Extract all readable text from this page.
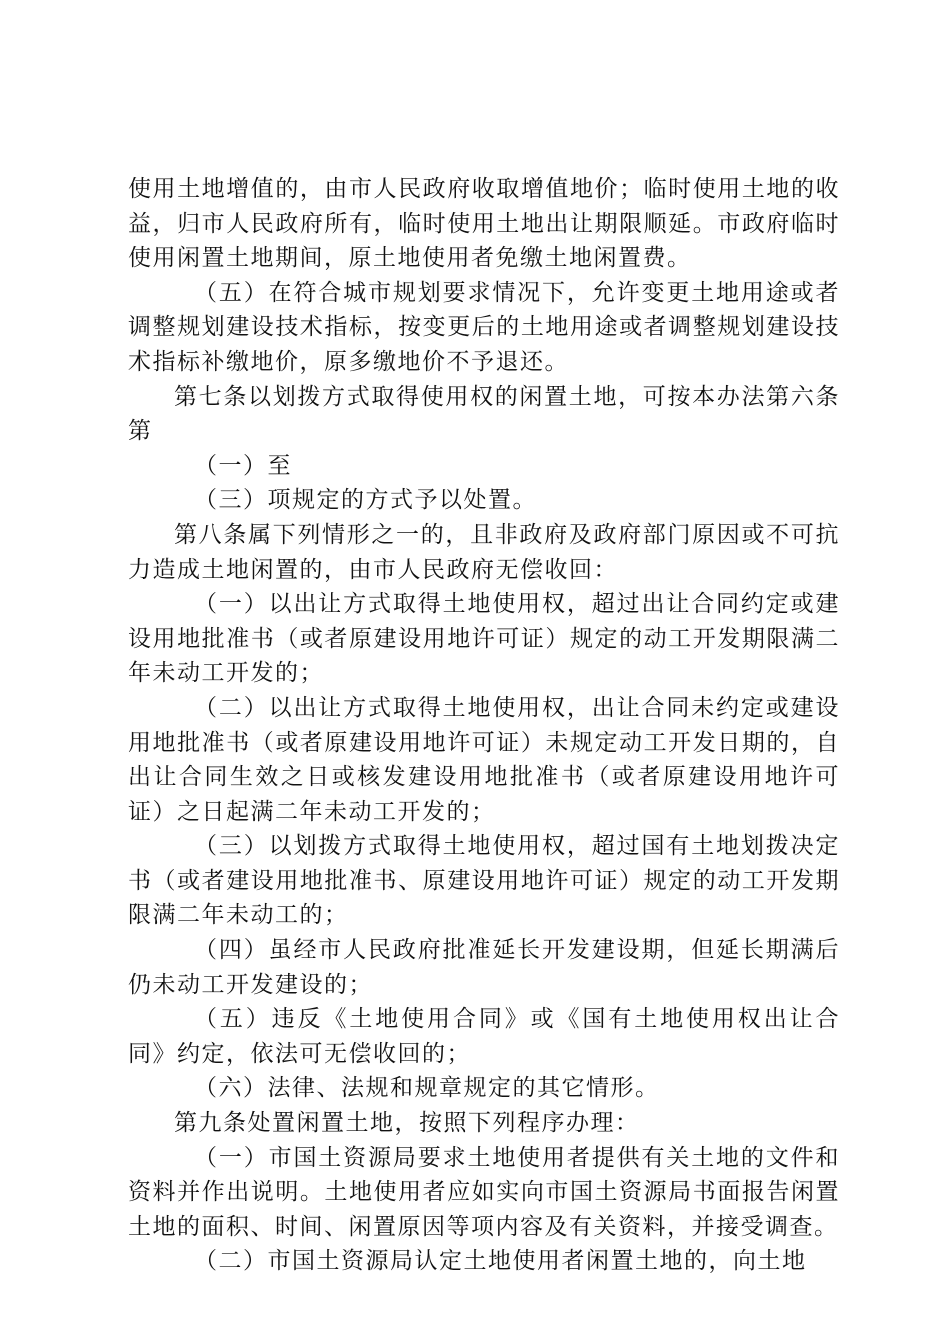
使用土地增值的，由市人民政府收取增值地价；临时使用土地的收益，归市人民政府所有，临时使用土地出让期限顺延。市政府临时使用闲置土地期间，原土地使用者免缴土地闲置费。

（五）在符合城市规划要求情况下，允许变更土地用途或者调整规划建设技术指标，按变更后的土地用途或者调整规划建设技术指标补缴地价，原多缴地价不予退还。

第七条以划拨方式取得使用权的闲置土地，可按本办法第六条第

（一）至

（三）项规定的方式予以处置。

第八条属下列情形之一的，且非政府及政府部门原因或不可抗力造成土地闲置的，由市人民政府无偿收回：

（一）以出让方式取得土地使用权，超过出让合同约定或建设用地批准书（或者原建设用地许可证）规定的动工开发期限满二年未动工开发的；

（二）以出让方式取得土地使用权，出让合同未约定或建设用地批准书（或者原建设用地许可证）未规定动工开发日期的，自出让合同生效之日或核发建设用地批准书（或者原建设用地许可证）之日起满二年未动工开发的；

（三）以划拨方式取得土地使用权，超过国有土地划拨决定书（或者建设用地批准书、原建设用地许可证）规定的动工开发期限满二年未动工的；

（四）虽经市人民政府批准延长开发建设期，但延长期满后仍未动工开发建设的；

（五）违反《土地使用合同》或《国有土地使用权出让合同》约定，依法可无偿收回的；

（六）法律、法规和规章规定的其它情形。

第九条处置闲置土地，按照下列程序办理：

（一）市国土资源局要求土地使用者提供有关土地的文件和资料并作出说明。土地使用者应如实向市国土资源局书面报告闲置土地的面积、时间、闲置原因等项内容及有关资料，并接受调查。

（二）市国土资源局认定土地使用者闲置土地的，向土地
